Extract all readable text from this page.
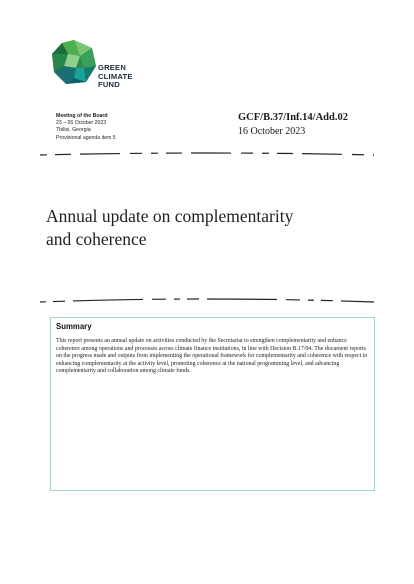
GREEN
CLIMATE
FUND
Meeting of the Board
23 – 26 October 2023
Tbilisi, Georgia
Provisional agenda item 5
GCF/B.37/Inf.14/Add.02
16 October 2023
Annual update on complementarity
and coherence
Summary

This report presents an annual update on activities conducted by the Secretariat to strengthen complementarity and enhance coherence among operations and processes across climate finance institutions, in line with Decision B.17/04. The document reports on the progress made and outputs from implementing the operational framework for complementarity and coherence with respect to enhancing complementarity at the activity level, promoting coherence at the national programming level, and advancing complementarity and collaboration among climate funds.
